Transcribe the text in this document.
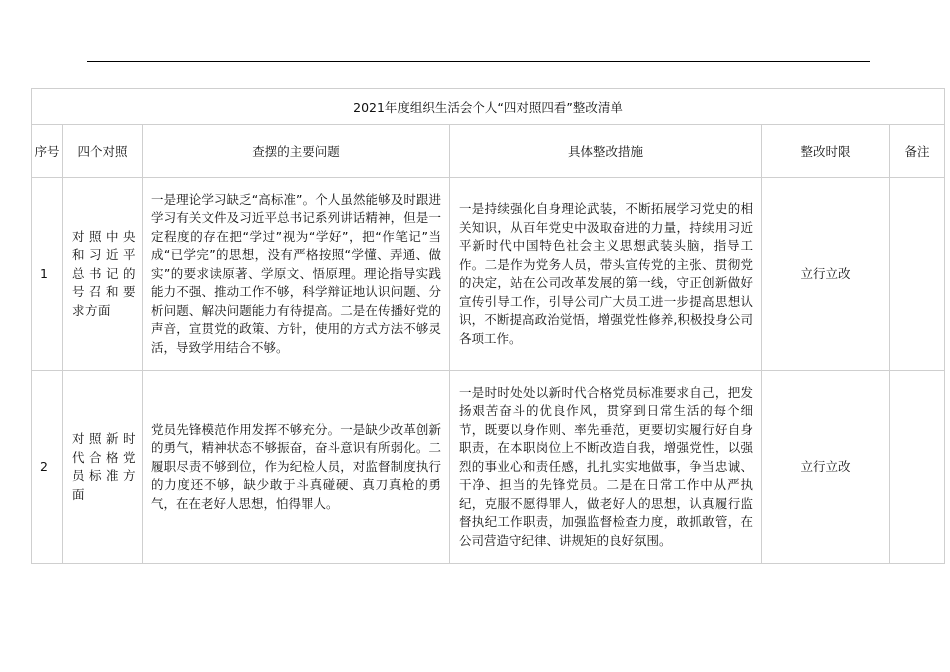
2021年度组织生活会个人“四对照四看”整改清单					
序号	四个对照	查摆的主要问题	具体整改措施	整改时限	备注
1	对照中央和习近平总书记的号召和要求方面	一是理论学习缺乏“高标准”。个人虽然能够及时跟进学习有关文件及习近平总书记系列讲话精神，但是一定程度的存在把“学过”视为“学好”，把“作笔记”当成“已学完”的思想，没有严格按照“学懂、弄通、做实”的要求读原著、学原文、悟原理。理论指导实践能力不强、推动工作不够，科学辩证地认识问题、分析问题、解决问题能力有待提高。二是在传播好党的声音，宣贯党的政策、方针，使用的方式方法不够灵活，导致学用结合不够。	一是持续强化自身理论武装，不断拓展学习党史的相关知识，从百年党史中汲取奋进的力量，持续用习近平新时代中国特色社会主义思想武装头脑，指导工作。二是作为党务人员，带头宣传党的主张、贯彻党的决定，站在公司改革发展的第一线，守正创新做好宣传引导工作，引导公司广大员工进一步提高思想认识，不断提高政治觉悟，增强党性修养,积极投身公司各项工作。	立行立改	
2	对照新时代合格党员标准方面	党员先锋模范作用发挥不够充分。一是缺少改革创新的勇气，精神状态不够振奋，奋斗意识有所弱化。二履职尽责不够到位，作为纪检人员，对监督制度执行的力度还不够，缺少敢于斗真碰硬、真刀真枪的勇气，在在老好人思想，怕得罪人。	一是时时处处以新时代合格党员标准要求自己，把发扬艰苦奋斗的优良作风，贯穿到日常生活的每个细节，既要以身作则、率先垂范，更要切实履行好自身职责，在本职岗位上不断改造自我，增强党性，以强烈的事业心和责任感，扎扎实实地做事，争当忠诚、干净、担当的先锋党员。二是在日常工作中从严执纪，克服不愿得罪人，做老好人的思想，认真履行监督执纪工作职责，加强监督检查力度，敢抓敢管，在公司营造守纪律、讲规矩的良好氛围。	立行立改	
